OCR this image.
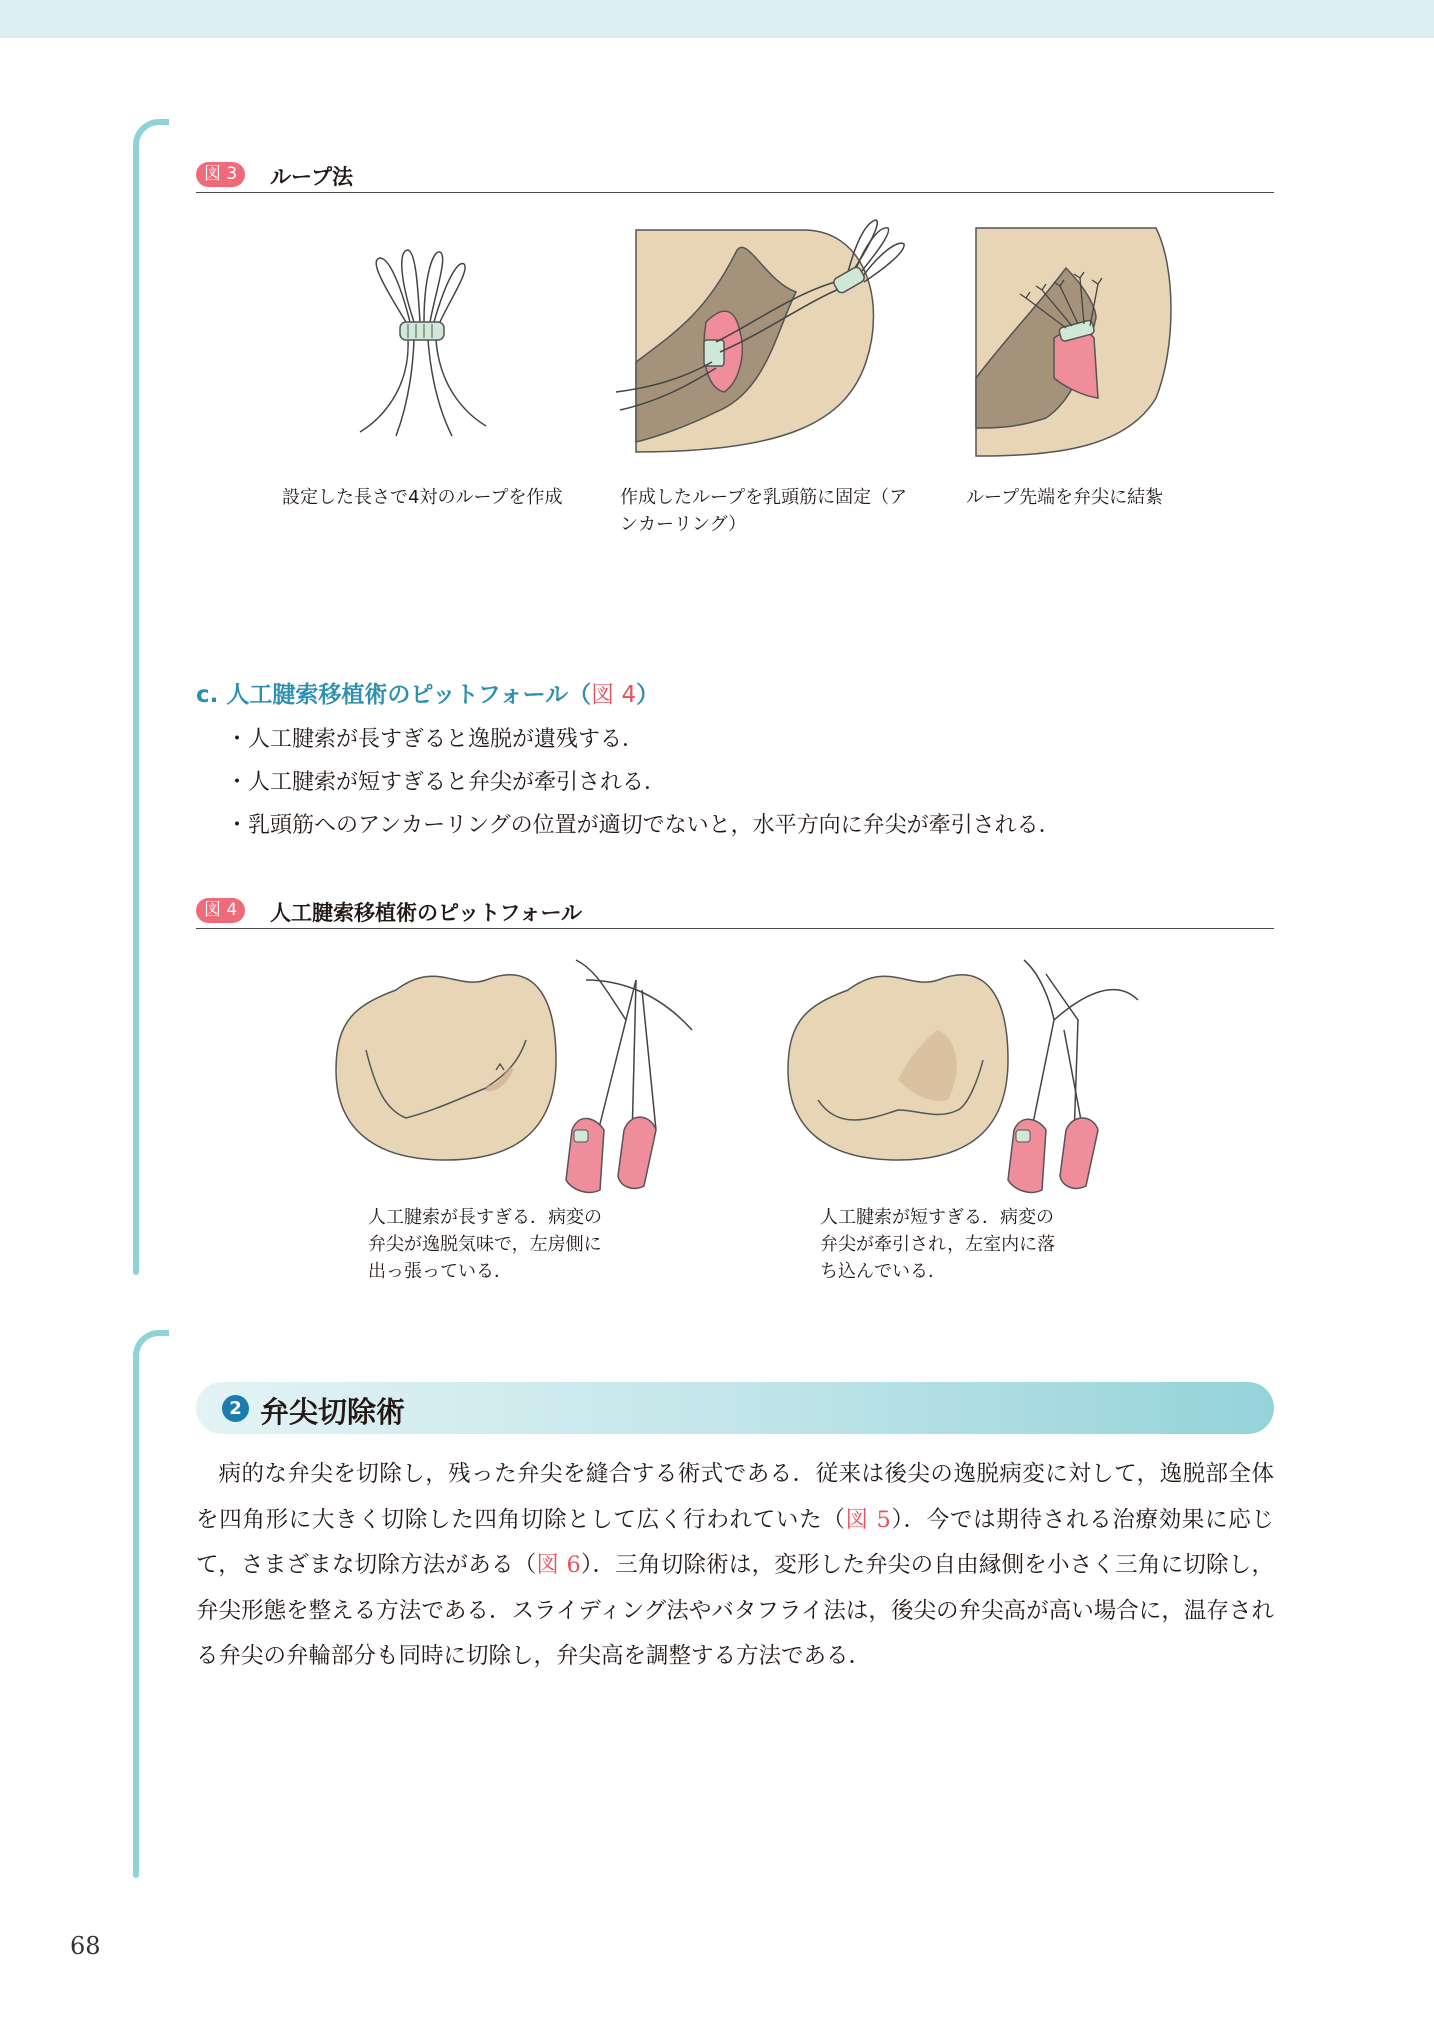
図 3	ループ法
設定した長さで4対のループを作成	作成したループを乳頭筋に固定（アンカーリング）
ループ先端を弁尖に結紮
c. 人工腱索移植術のピットフォール（図 4）
・人工腱索が長すぎると逸脱が遺残する．
・人工腱索が短すぎると弁尖が牽引される．
・乳頭筋へのアンカーリングの位置が適切でないと，水平方向に弁尖が牽引される．
図 4	人工腱索移植術のピットフォール
人工腱索が長すぎる．病変の弁尖が逸脱気味で，左房側に出っ張っている．
人工腱索が短すぎる．病変の弁尖が牽引され，左室内に落ち込んでいる．
2 弁尖切除術

病的な弁尖を切除し，残った弁尖を縫合する術式である．従来は後尖の逸脱病変に対して，逸脱部全体を四角形に大きく切除した四角切除として広く行われていた（図 5）．今では期待される治療効果に応じて，さまざまな切除方法がある（図 6）．三角切除術は，変形した弁尖の自由縁側を小さく三角に切除し，弁尖形態を整える方法である．スライディング法やバタフライ法は，後尖の弁尖高が高い場合に，温存される弁尖の弁輪部分も同時に切除し，弁尖高を調整する方法である．

68
